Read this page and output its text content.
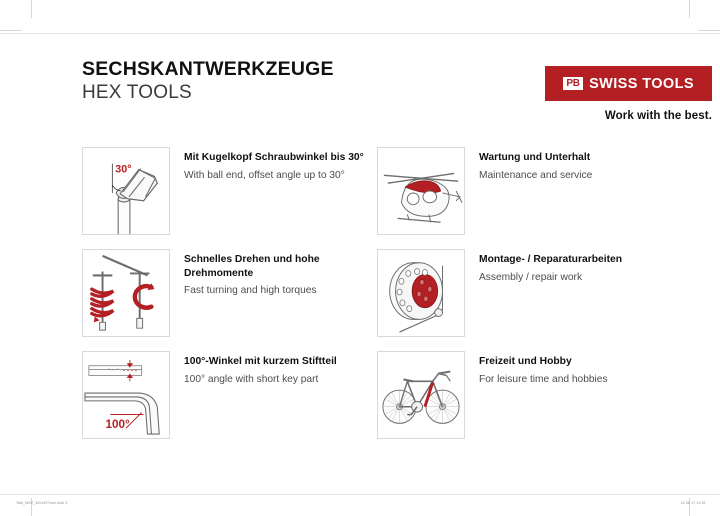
SECHSKANTWERKZEUGE
HEX TOOLS	PB SWISS TOOLS
Work with the best.
30°

Mit Kugelkopf Schraubwinkel bis 30°

With ball end, offset angle up to 30°

Wartung und Unterhalt

Maintenance and service

Schnelles Drehen und hohe Drehmomente

Fast turning and high torques

Montage- / Reparaturarbeiten

Assembly / repair work

100°

100°-Winkel mit kurzem Stiftteil

100° angle with short key part

Freizeit und Hobby

For leisure time and hobbies

Tabl_WSZ_420x297mm.indd 4	14.08.17 10:51
